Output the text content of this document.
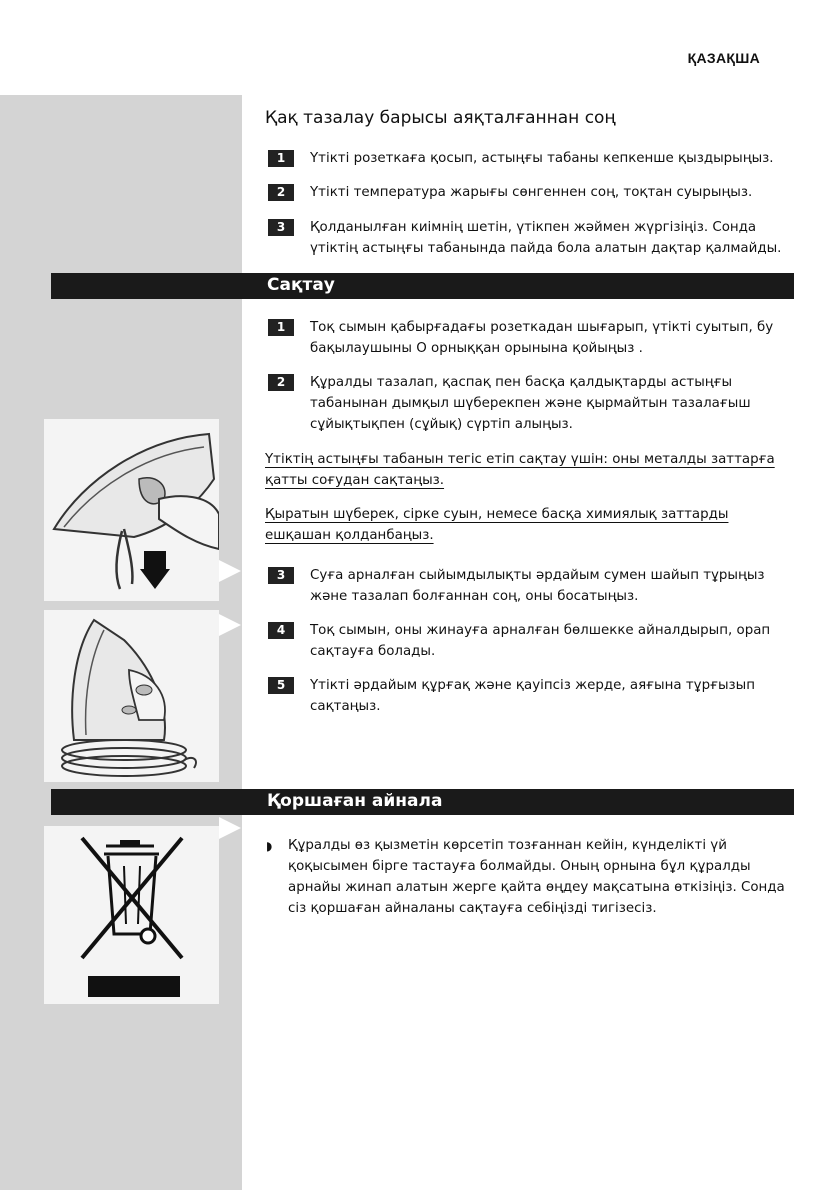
ҚАЗАҚША
Қақ тазалау барысы аяқталғаннан соң
1	Үтікті розеткаға қосып, астыңғы табаны кепкенше қыздырыңыз.
2	Үтікті температура жарығы сөнгеннен соң, тоқтан суырыңыз.
3	Қолданылған киімнің шетін, үтікпен жәймен жүргізіңіз. Сонда үтіктің астыңғы табанында пайда бола алатын дақтар қалмайды.
Сақтау
1	Тоқ сымын қабырғадағы розеткадан шығарып, үтікті суытып, бу бақылаушыны О орныққан орынына қойыңыз .
2	Құралды тазалап, қаспақ пен басқа қалдықтарды астыңғы табанынан дымқыл шүберекпен және қырмайтын тазалағыш сұйықтықпен (сұйық) сүртіп алыңыз.
Үтіктің астыңғы табанын тегіс етіп сақтау үшін: оны металды заттарға қатты соғудан сақтаңыз.
Қыратын шүберек, сірке суын, немесе басқа химиялық заттарды ешқашан қолданбаңыз.
3	Суға арналған сыйымдылықты әрдайым сумен шайып тұрыңыз және тазалап болғаннан соң, оны босатыңыз.
4	Тоқ сымын, оны жинауға арналған бөлшекке айналдырып, орап сақтауға болады.
5	Үтікті әрдайым құрғақ және қауіпсіз жерде, аяғына тұрғызып сақтаңыз.
Қоршаған айнала
◗ Құралды өз қызметін көрсетіп тозғаннан кейін, күнделікті үй қоқысымен бірге тастауға болмайды. Оның орнына бұл құралды арнайы жинап алатын жерге қайта өңдеу мақсатына өткізіңіз. Сонда сіз қоршаған айналаны сақтауға себіңізді тигізесіз.
